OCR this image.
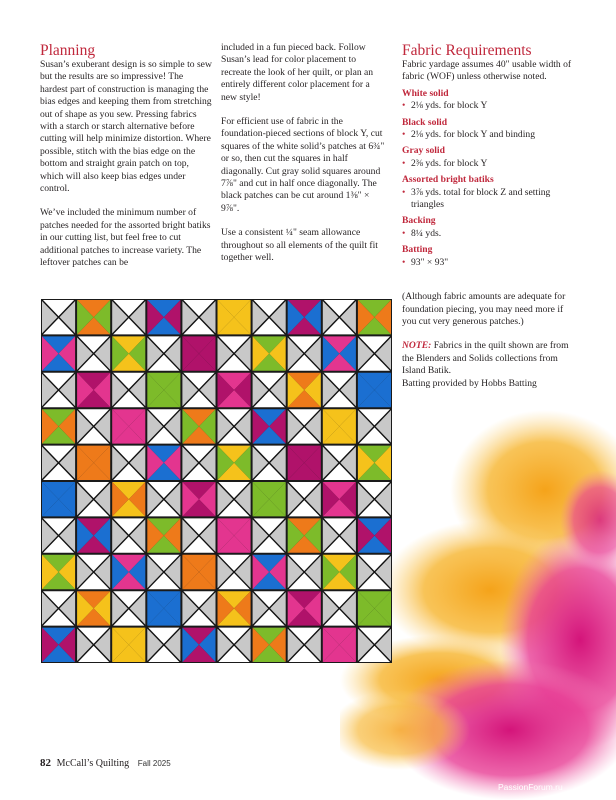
Planning

Susan’s exuberant design is so simple to sew but the results are so impressive! The hardest part of construction is managing the bias edges and keeping them from stretching out of shape as you sew. Pressing fabrics with a starch or starch alternative before cutting will help minimize distortion. Where possible, stitch with the bias edge on the bottom and straight grain patch on top, which will also keep bias edges under control.

We’ve included the minimum number of patches needed for the assorted bright batiks in our cutting list, but feel free to cut additional patches to increase variety. The leftover patches can be

included in a fun pieced back. Follow Susan’s lead for color placement to recreate the look of her quilt, or plan an entirely different color placement for a new style!

For efficient use of fabric in the foundation-pieced sections of block Y, cut squares of the white solid’s patches at 6¾" or so, then cut the squares in half diagonally. Cut gray solid squares around 7⅞" and cut in half once diagonally. The black patches can be cut around 1⅜" × 9⅞".

Use a consistent ¼" seam allowance throughout so all elements of the quilt fit together well.

Fabric Requirements
Fabric yardage assumes 40" usable width of fabric (WOF) unless otherwise noted.
White solid
• 2⅛ yds. for block Y
Black solid
• 2⅛ yds. for block Y and binding
Gray solid
• 2⅜ yds. for block Y
Assorted bright batiks
• 3⅞ yds. total for block Z and setting triangles
Backing
• 8¼ yds.
Batting
• 93" × 93"

(Although fabric amounts are adequate for foundation piecing, you may need more if you cut very generous patches.)

NOTE: Fabrics in the quilt shown are from the Blenders and Solids collections from Island Batik.
Batting provided by Hobbs Batting
82 McCall’s Quilting Fall 2025
PassionForum.ru
